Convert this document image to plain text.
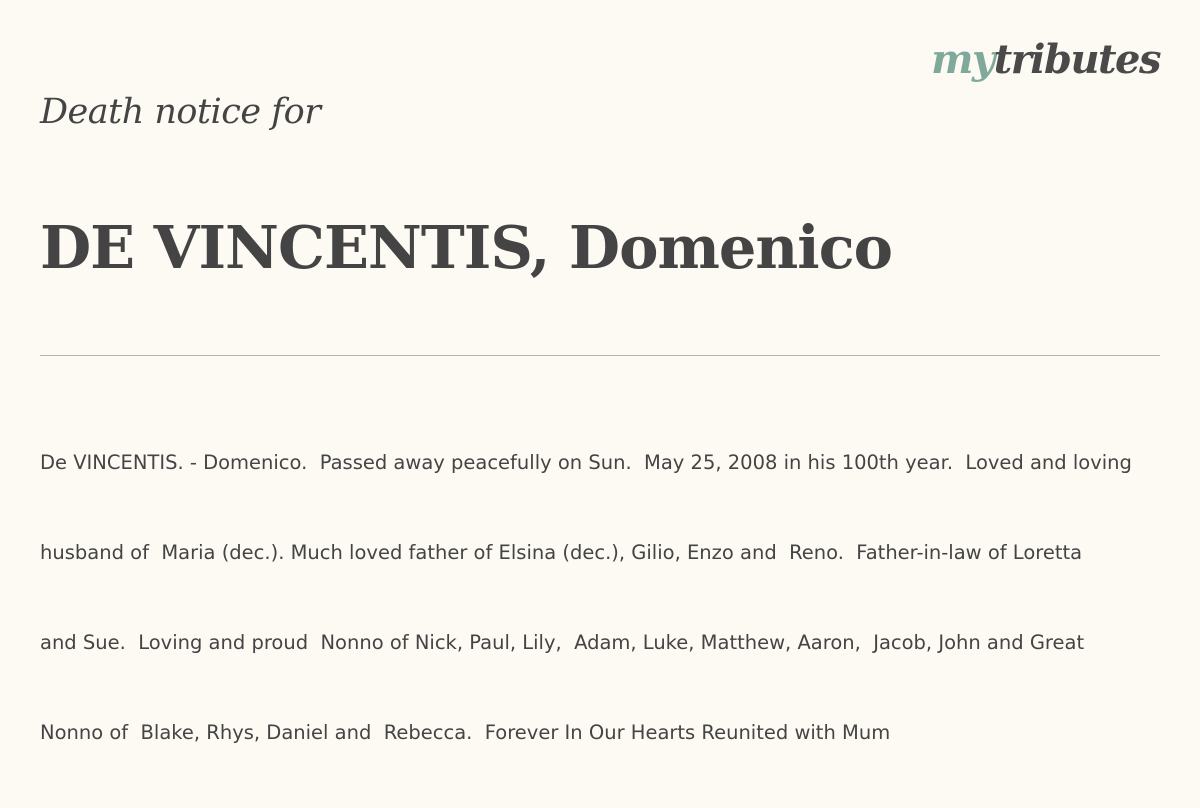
mytributes
Death notice for
DE VINCENTIS, Domenico

De VINCENTIS. - Domenico.  Passed away peacefully on Sun.  May 25, 2008 in his 100th year.  Loved and loving

husband of  Maria (dec.). Much loved father of Elsina (dec.), Gilio, Enzo and  Reno.  Father-in-law of Loretta

and Sue.  Loving and proud  Nonno of Nick, Paul, Lily,  Adam, Luke, Matthew, Aaron,  Jacob, John and Great

Nonno of  Blake, Rhys, Daniel and  Rebecca.  Forever In Our Hearts Reunited with Mum
